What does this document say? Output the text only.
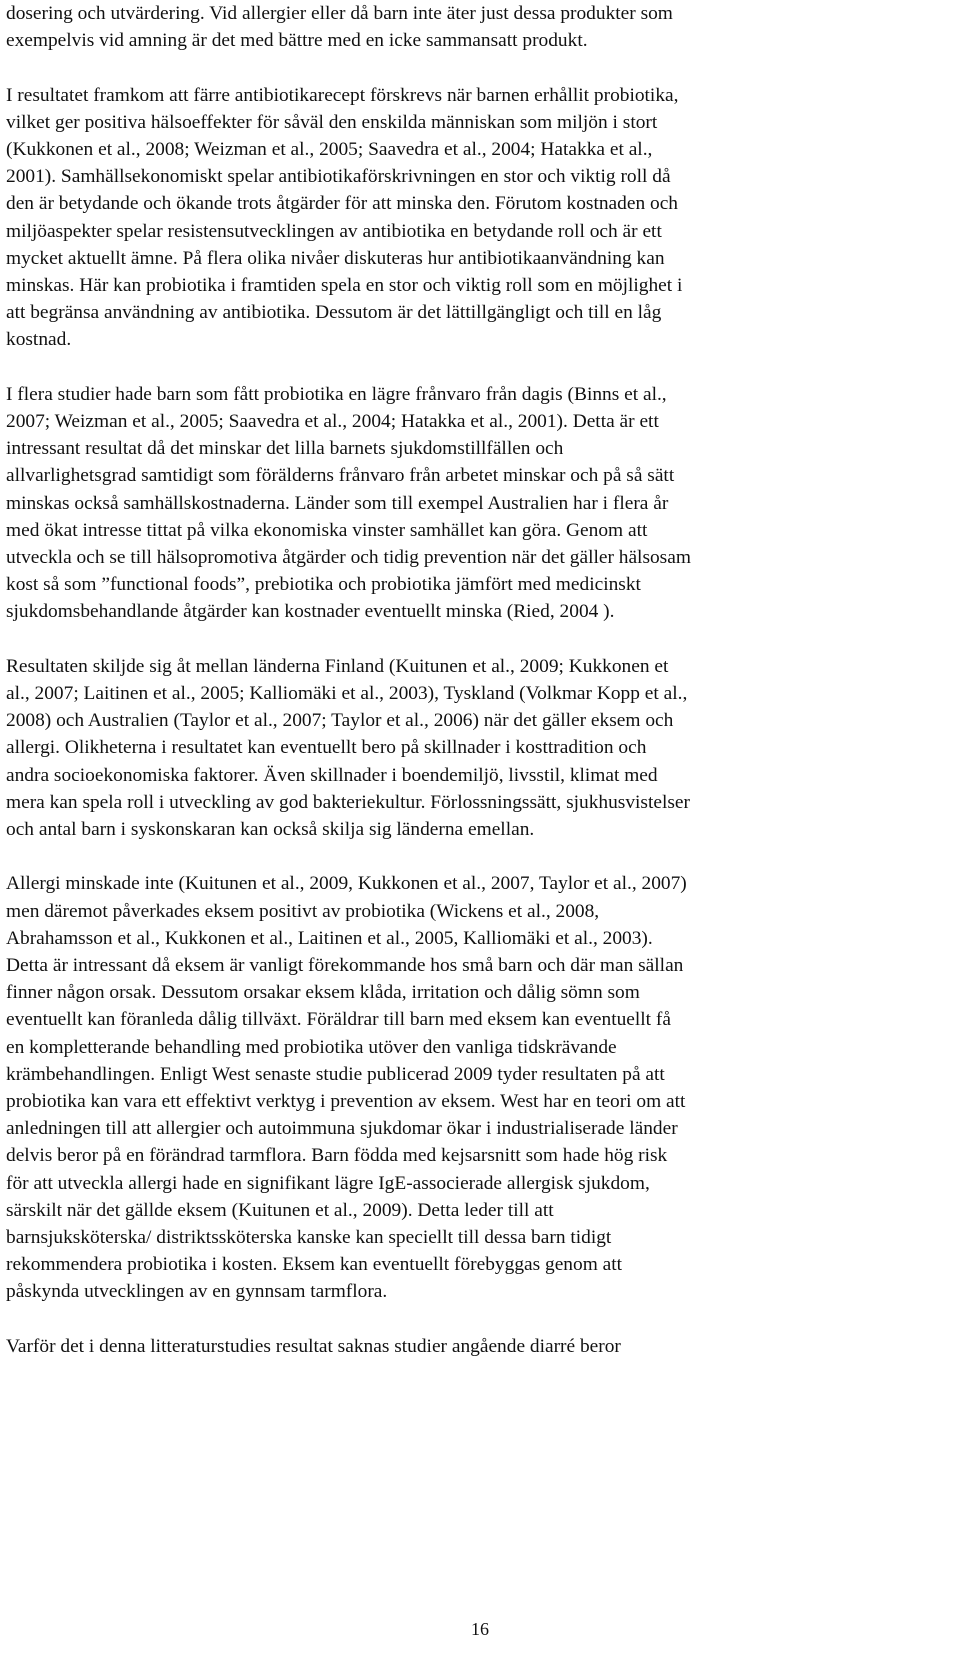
dosering och utvärdering. Vid allergier eller då barn inte äter just dessa produkter som
exempelvis vid amning är det med bättre med en icke sammansatt produkt.

I resultatet framkom att färre antibiotikarecept förskrevs när barnen erhållit probiotika,
vilket ger positiva hälsoeffekter för såväl den enskilda människan som miljön i stort
(Kukkonen et al., 2008; Weizman et al., 2005; Saavedra et al., 2004; Hatakka et al.,
2001). Samhällsekonomiskt spelar antibiotikaförskrivningen en stor och viktig roll då
den är betydande och ökande trots åtgärder för att minska den. Förutom kostnaden och
miljöaspekter spelar resistensutvecklingen av antibiotika en betydande roll och är ett
mycket aktuellt ämne. På flera olika nivåer diskuteras hur antibiotikaanvändning kan
minskas. Här kan probiotika i framtiden spela en stor och viktig roll som en möjlighet i
att begränsa användning av antibiotika. Dessutom är det lättillgängligt och till en låg
kostnad.

I flera studier hade barn som fått probiotika en lägre frånvaro från dagis (Binns et al.,
2007; Weizman et al., 2005; Saavedra et al., 2004; Hatakka et al., 2001). Detta är ett
intressant resultat då det minskar det lilla barnets sjukdomstillfällen och
allvarlighetsgrad samtidigt som förälderns frånvaro från arbetet minskar och på så sätt
minskas också samhällskostnaderna. Länder som till exempel Australien har i flera år
med ökat intresse tittat på vilka ekonomiska vinster samhället kan göra. Genom att
utveckla och se till hälsopromotiva åtgärder och tidig prevention när det gäller hälsosam
kost så som ”functional foods”, prebiotika och probiotika jämfört med medicinskt
sjukdomsbehandlande åtgärder kan kostnader eventuellt minska (Ried, 2004 ).

Resultaten skiljde sig åt mellan länderna Finland (Kuitunen et al., 2009; Kukkonen et
al., 2007; Laitinen et al., 2005; Kalliomäki et al., 2003), Tyskland (Volkmar Kopp et al.,
2008) och Australien (Taylor et al., 2007; Taylor et al., 2006) när det gäller eksem och
allergi. Olikheterna i resultatet kan eventuellt bero på skillnader i kosttradition och
andra socioekonomiska faktorer. Även skillnader i boendemiljö, livsstil, klimat med
mera kan spela roll i utveckling av god bakteriekultur. Förlossningssätt, sjukhusvistelser
och antal barn i syskonskaran kan också skilja sig länderna emellan.

Allergi minskade inte (Kuitunen et al., 2009, Kukkonen et al., 2007, Taylor et al., 2007)
men däremot påverkades eksem positivt av probiotika (Wickens et al., 2008,
Abrahamsson et al., Kukkonen et al., Laitinen et al., 2005, Kalliomäki et al., 2003).
Detta är intressant då eksem är vanligt förekommande hos små barn och där man sällan
finner någon orsak. Dessutom orsakar eksem klåda, irritation och dålig sömn som
eventuellt kan föranleda dålig tillväxt. Föräldrar till barn med eksem kan eventuellt få
en kompletterande behandling med probiotika utöver den vanliga tidskrävande
krämbehandlingen. Enligt West senaste studie publicerad 2009 tyder resultaten på att
probiotika kan vara ett effektivt verktyg i prevention av eksem. West har en teori om att
anledningen till att allergier och autoimmuna sjukdomar ökar i industrialiserade länder
delvis beror på en förändrad tarmflora. Barn födda med kejsarsnitt som hade hög risk
för att utveckla allergi hade en signifikant lägre IgE-associerade allergisk sjukdom,
särskilt när det gällde eksem (Kuitunen et al., 2009). Detta leder till att
barnsjuksköterska/ distriktssköterska kanske kan speciellt till dessa barn tidigt
rekommendera probiotika i kosten. Eksem kan eventuellt förebyggas genom att
påskynda utvecklingen av en gynnsam tarmflora.

Varför det i denna litteraturstudies resultat saknas studier angående diarré beror

16
